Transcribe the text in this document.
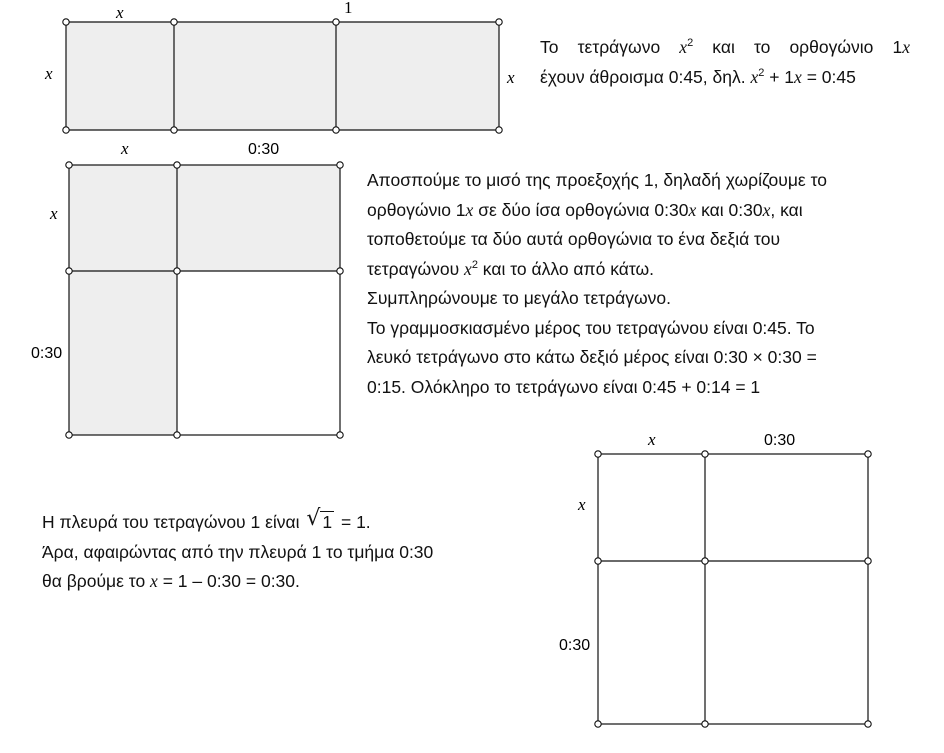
x	1
x	x
x	0:30
x
0:30
x	0:30
x
0:30
Το τετράγωνο $x^2$ και το ορθογώνιο 1x
έχουν άθροισμα 0:45, δηλ. $x^2 + 1x$ = 0:45
Αποσπούμε το μισό της προεξοχής 1, δηλαδή χωρίζουμε το
ορθογώνιο 1x σε δύο ίσα ορθογώνια 0:30x και 0:30x, και
τοποθετούμε τα δύο αυτά ορθογώνια το ένα δεξιά του
τετραγώνου $x^2$ και το άλλο από κάτω.
Συμπληρώνουμε το μεγάλο τετράγωνο.
Το γραμμοσκιασμένο μέρος του τετραγώνου είναι 0:45. Το
λευκό τετράγωνο στο κάτω δεξιό μέρος είναι 0:30 × 0:30 =
0:15. Ολόκληρο το τετράγωνο είναι 0:45 + 0:14 = 1
Η πλευρά του τετραγώνου 1 είναι √ 1 = 1.
Άρα, αφαιρώντας από την πλευρά 1 το τμήμα 0:30
θα βρούμε το x = 1 – 0:30 = 0:30.
